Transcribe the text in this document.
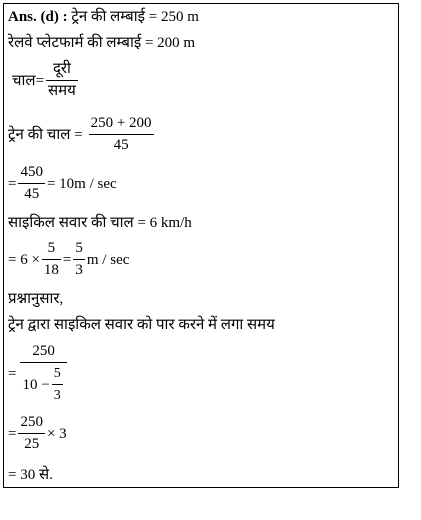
Ans. (d) : ट्रेन की लम्बाई = 250 m
रेलवे प्लेटफार्म की लम्बाई = 200 m
चाल= $\frac{\text{दूरी}}{\text{समय}}$
ट्रेन की चाल = $\frac{250 + 200}{45}$
= $\frac{450}{45} = 10m / \sec$
साइकिल सवार की चाल = 6 km/h
= $6 \times \frac{5}{18} = \frac{5}{3}$ m / sec
प्रश्नानुसार,
ट्रेन द्वारा साइकिल सवार को पार करने में लगा समय
= $\frac{250}{10 - \frac{5}{3}}$
= $\frac{250}{25} \times 3$
= 30 से.
